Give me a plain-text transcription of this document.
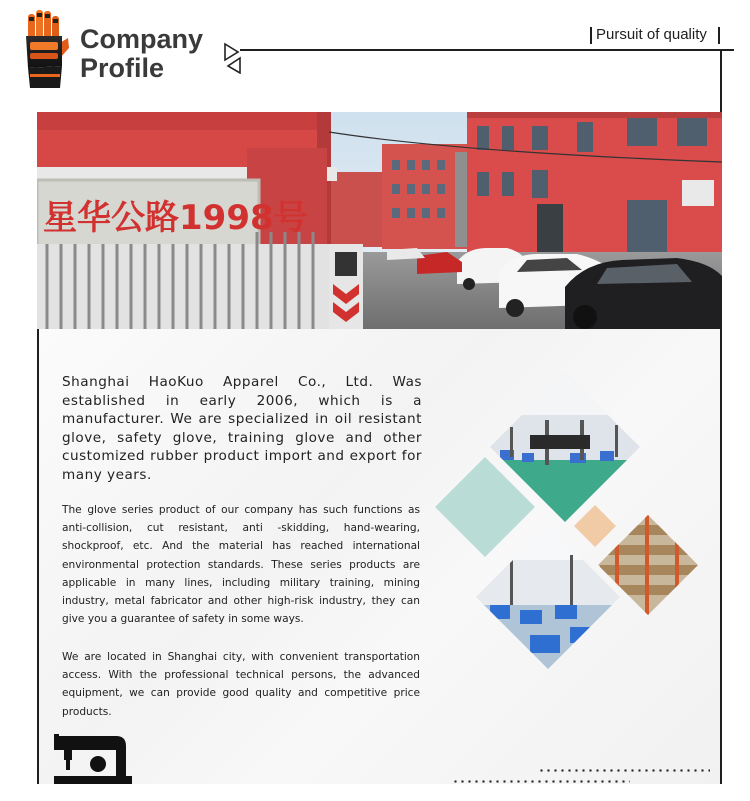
Company
Profile
Pursuit of quality
星华公路1998号
Shanghai HaoKuo Apparel Co., Ltd. Was established in early 2006, which is a manufacturer. We are specialized in oil resistant glove, safety glove, training glove and other customized rubber product import and export for many years.
The glove series product of our company has such functions as anti-collision, cut resistant, anti -skidding, hand-wearing, shockproof, etc. And the material has reached international environmental protection standards. These series products are applicable in many lines, including military training, mining industry, metal fabricator and other high-risk industry, they can give you a guarantee of safety in some ways.
We are located in Shanghai city, with convenient transportation access. With the professional technical persons, the advanced equipment, we can provide good quality and competitive price products.
